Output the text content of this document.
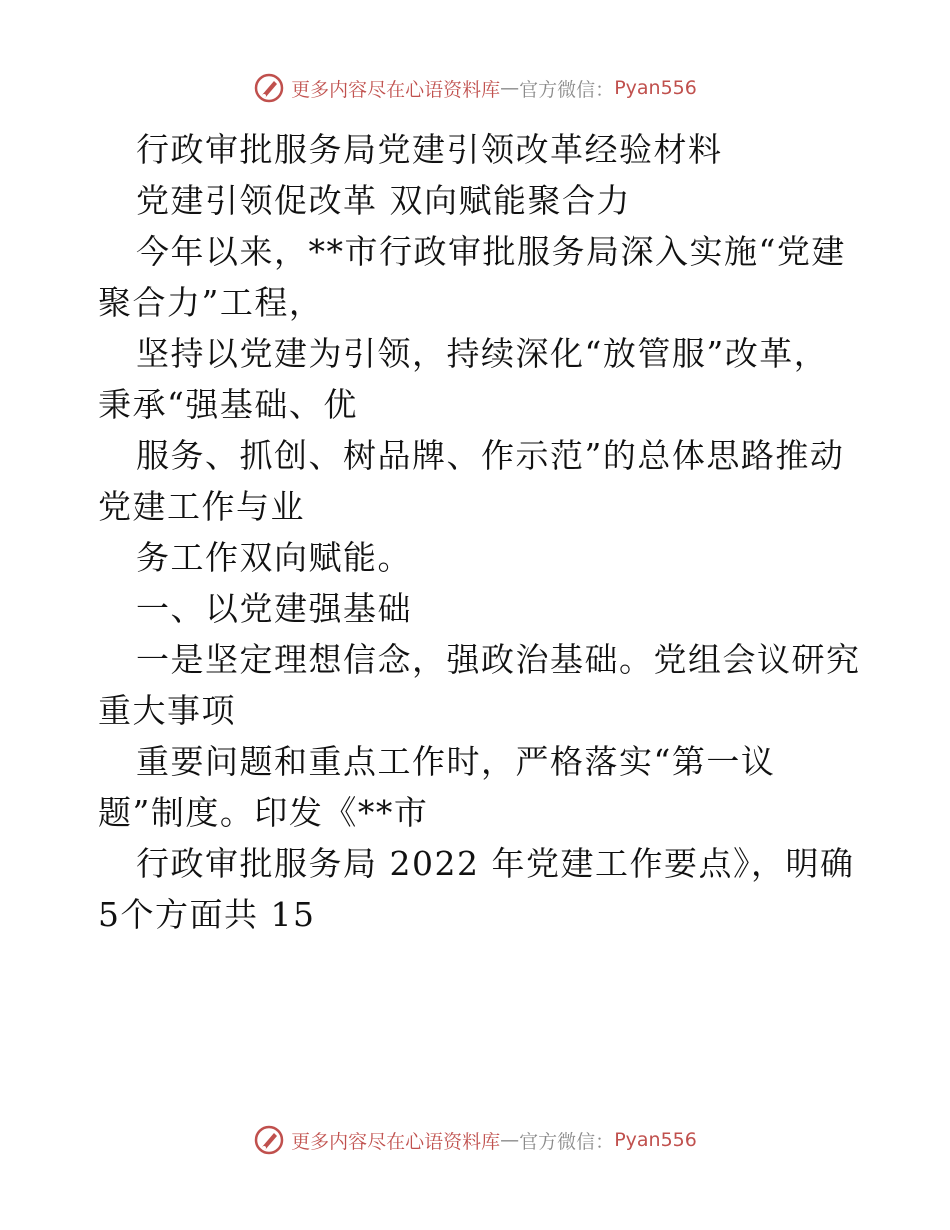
更多内容尽在心语资料库 — 官方微信： Pyan556
行政审批服务局党建引领改革经验材料
党建引领促改革 双向赋能聚合力
今年以来，**市行政审批服务局深入实施“党建
聚合力”工程，
坚持以党建为引领，持续深化“放管服”改革，
秉承“强基础、优
服务、抓创、树品牌、作示范”的总体思路推动
党建工作与业
务工作双向赋能。
一、以党建强基础
一是坚定理想信念，强政治基础。党组会议研究
重大事项
重要问题和重点工作时，严格落实“第一议
题”制度。印发《**市
行政审批服务局 2022 年党建工作要点》，明确
5个方面共 15
更多内容尽在心语资料库 — 官方微信： Pyan556
